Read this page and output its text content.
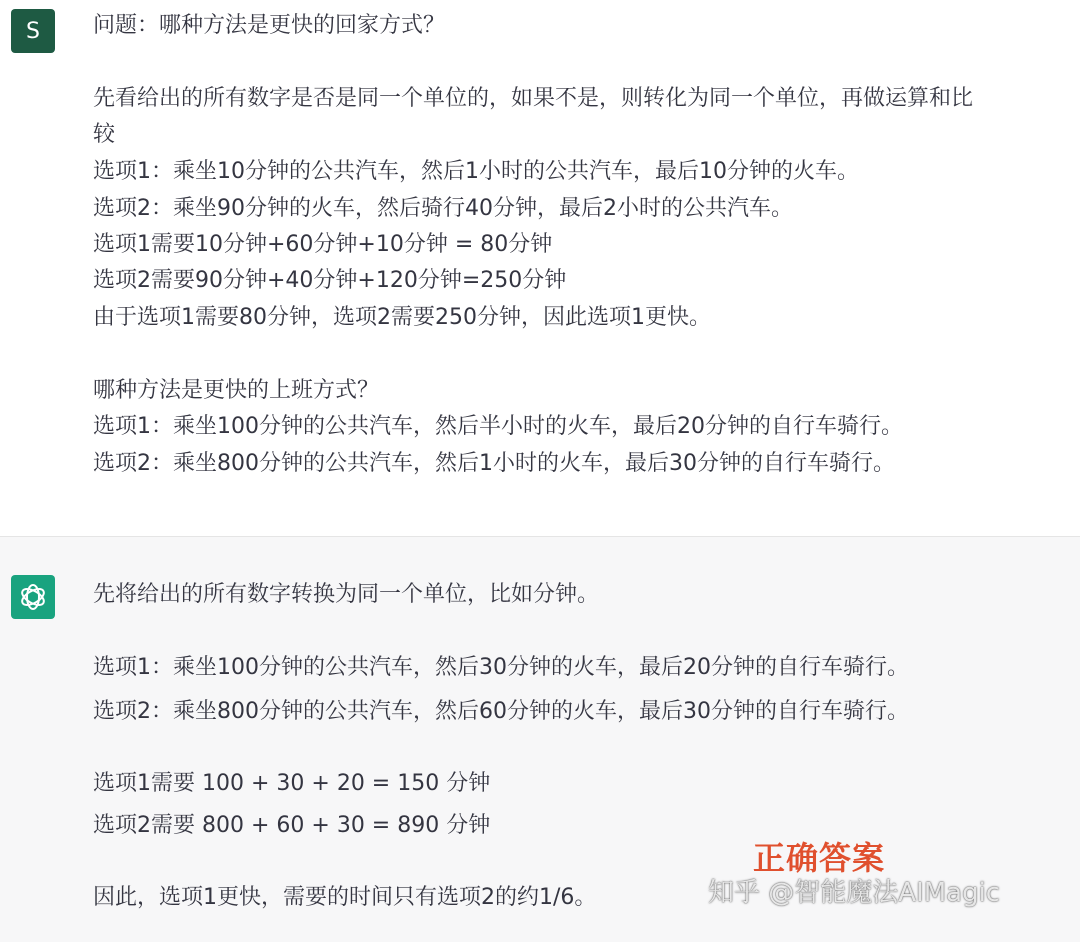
S 问题：哪种方法是更快的回家方式？
先看给出的所有数字是否是同一个单位的，如果不是，则转化为同一个单位，再做运算和比
较
选项1：乘坐10分钟的公共汽车，然后1小时的公共汽车，最后10分钟的火车。
选项2：乘坐90分钟的火车，然后骑行40分钟，最后2小时的公共汽车。
选项1需要10分钟+60分钟+10分钟 = 80分钟
选项2需要90分钟+40分钟+120分钟=250分钟
由于选项1需要80分钟，选项2需要250分钟，因此选项1更快。
哪种方法是更快的上班方式？
选项1：乘坐100分钟的公共汽车，然后半小时的火车，最后20分钟的自行车骑行。
选项2：乘坐800分钟的公共汽车，然后1小时的火车，最后30分钟的自行车骑行。
先将给出的所有数字转换为同一个单位，比如分钟。
选项1：乘坐100分钟的公共汽车，然后30分钟的火车，最后20分钟的自行车骑行。
选项2：乘坐800分钟的公共汽车，然后60分钟的火车，最后30分钟的自行车骑行。
选项1需要 100 + 30 + 20 = 150 分钟
选项2需要 800 + 60 + 30 = 890 分钟
因此，选项1更快，需要的时间只有选项2的约1/6。
正确答案
知乎 @智能魔法AIMagic
